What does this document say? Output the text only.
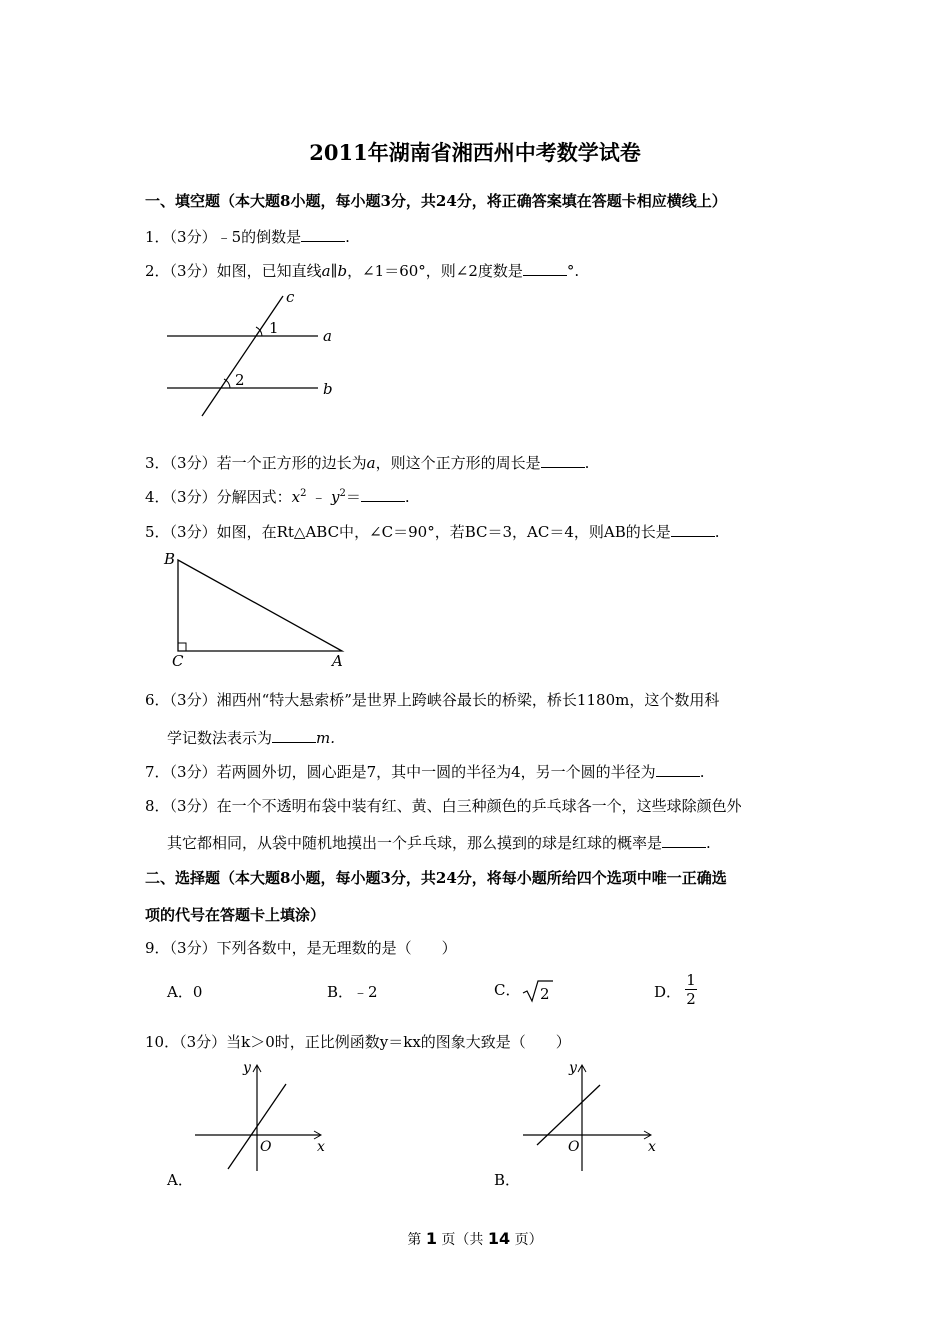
2011年湖南省湘西州中考数学试卷
一、填空题（本大题8小题，每小题3分，共24分，将正确答案填在答题卡相应横线上）
1．（3分）﹣5的倒数是	.
2．（3分）如图，已知直线a∥b，∠1＝60°，则∠2度数是	°.
c
a
b
1
2
3．（3分）若一个正方形的边长为a，则这个正方形的周长是	.
4．（3分）分解因式：$x^2$ ﹣ $y^2=$	.
5．（3分）如图，在Rt△ABC中，∠C＝90°，若BC＝3，AC＝4，则AB的长是	.
B
C	A
6．（3分）湘西州“特大悬索桥”是世界上跨峡谷最长的桥梁，桥长1180m，这个数用科
学记数法表示为	m.
7．（3分）若两圆外切，圆心距是7，其中一圆的半径为4，另一个圆的半径为	.
8．（3分）在一个不透明布袋中装有红、黄、白三种颜色的乒乓球各一个，这些球除颜色外
其它都相同，从袋中随机地摸出一个乒乓球，那么摸到的球是红球的概率是	.
二、选择题（本大题8小题，每小题3分，共24分，将每小题所给四个选项中唯一正确选
项的代号在答题卡上填涂）
9．（3分）下列各数中，是无理数的是（　　）
A．0	B．﹣2	C． 2	D．
1
2
10．（3分）当k＞0时，正比例函数y＝kx的图象大致是（　　）
x
y
O
A．
x
y
O
B．
第 1 页（共 14 页）
